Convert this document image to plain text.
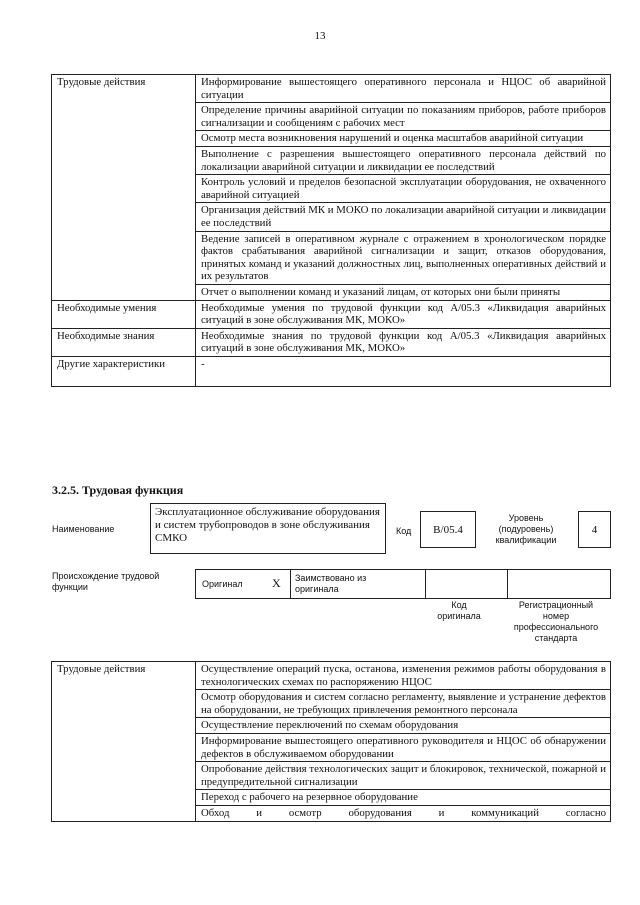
13
Трудовые действия	Информирование вышестоящего оперативного персонала и НЦОС об аварийной ситуации
	Определение причины аварийной ситуации по показаниям приборов, работе приборов сигнализации и сообщениям с рабочих мест
	Осмотр места возникновения нарушений и оценка масштабов аварийной ситуации
	Выполнение с разрешения вышестоящего оперативного персонала действий по локализации аварийной ситуации и ликвидации ее последствий
	Контроль условий и пределов безопасной эксплуатации оборудования, не охваченного аварийной ситуацией
	Организация действий МК и МОКО по локализации аварийной ситуации и ликвидации ее последствий
	Ведение записей в оперативном журнале с отражением в хронологическом порядке фактов срабатывания аварийной сигнализации и защит, отказов оборудования, принятых команд и указаний должностных лиц, выполненных оперативных действий и их результатов
	Отчет о выполнении команд и указаний лицам, от которых они были приняты
Необходимые умения	Необходимые умения по трудовой функции код А/05.3 «Ликвидация аварийных ситуаций в зоне обслуживания МК, МОКО»
Необходимые знания	Необходимые знания по трудовой функции код А/05.3 «Ликвидация аварийных ситуаций в зоне обслуживания МК, МОКО»
Другие характеристики	-
3.2.5. Трудовая функция
Наименование
Эксплуатационное обслуживание оборудования и систем трубопроводов в зоне обслуживания СМКО
Код	B/05.4
Уровень (подуровень) квалификации
4
Происхождение трудовой функции	Оригинал X Заимствовано из оригинала
Код оригинала
Регистрационный номер профессионального стандарта
Трудовые действия	Осуществление операций пуска, останова, изменения режимов работы оборудования в технологических схемах по распоряжению НЦОС
Осмотр оборудования и систем согласно регламенту, выявление и устранение дефектов на оборудовании, не требующих привлечения ремонтного персонала
Осуществление переключений по схемам оборудования
Информирование вышестоящего оперативного руководителя и НЦОС об обнаружении дефектов в обслуживаемом оборудовании
Опробование действия технологических защит и блокировок, технической, пожарной и предупредительной сигнализации
Переход с рабочего на резервное оборудование
Обход и осмотр оборудования и коммуникаций согласно
